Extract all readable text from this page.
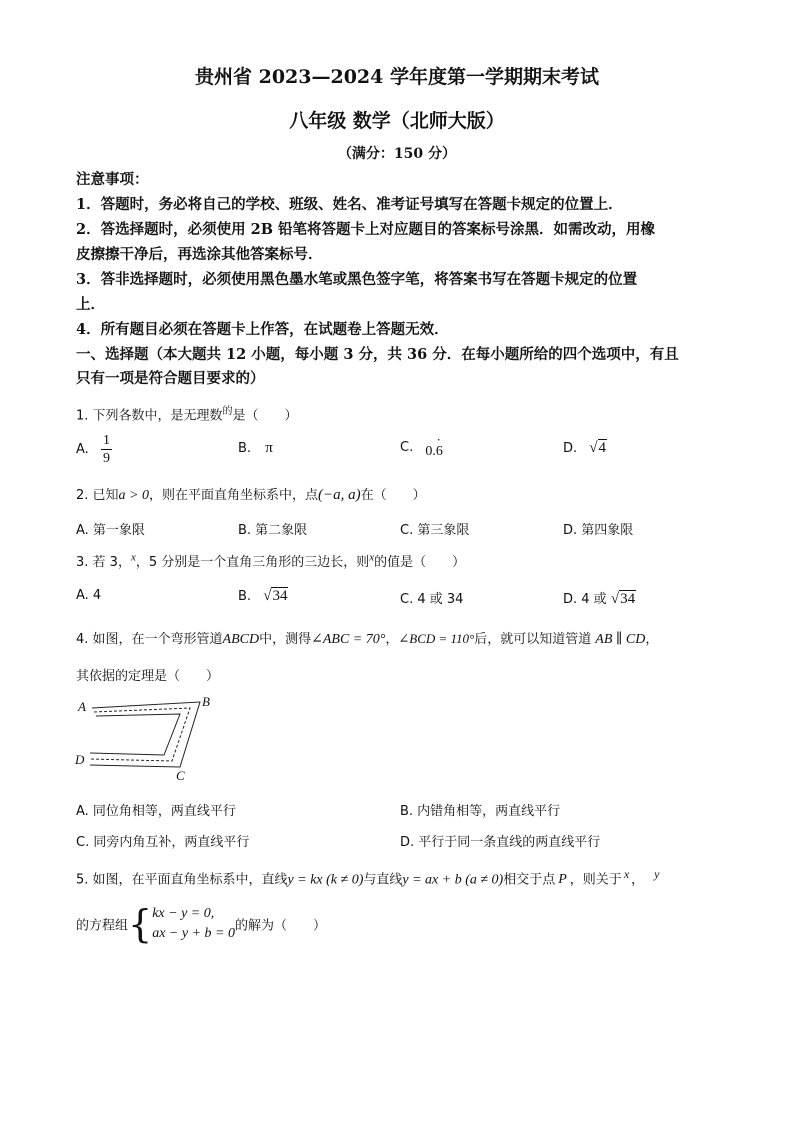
贵州省 2023—2024 学年度第一学期期末考试
八年级 数学（北师大版）
（满分：150 分）
注意事项：
1．答题时，务必将自己的学校、班级、姓名、准考证号填写在答题卡规定的位置上．
2．答选择题时，必须使用 2B 铅笔将答题卡上对应题目的答案标号涂黑．如需改动，用橡
皮擦擦干净后，再选涂其他答案标号．
3．答非选择题时，必须使用黑色墨水笔或黑色签字笔，将答案书写在答题卡规定的位置
上．
4．所有题目必须在答题卡上作答，在试题卷上答题无效．
一、选择题（本大题共 12 小题，每小题 3 分，共 36 分．在每小题所给的四个选项中，有且
只有一项是符合题目要求的）
1. 下列各数中，是无理数$^的$是（　　）
A. $\frac{1}{9}$	B. π	C.
·
0.6	D. √4
2. 已知a > 0，则在平面直角坐标系中，点(−a, a)在（　　）
A. 第一象限	B. 第二象限	C. 第三象限	D. 第四象限
3. 若 3，$^x$，5 分别是一个直角三角形的三边长，则$^x$的值是（　　）
A. 4	B. √34	C. 4 或 34	D. 4 或 √34
4. 如图，在一个弯形管道ABCD中，测得∠ABC = 70°，∠BCD = 110°后，就可以知道管道 AB ∥ CD，
其依据的定理是（　　）
A	B
C
D
A. 同位角相等，两直线平行	B. 内错角相等，两直线平行
C. 同旁内角互补，两直线平行	D. 平行于同一条直线的两直线平行
5. 如图，在平面直角坐标系中，直线y = kx (k ≠ 0)与直线y = ax + b (a ≠ 0)相交于点 P ，则关于 x ， y
的方程组 { kx − y = 0,
ax − y + b = 0 的解为（　　）
